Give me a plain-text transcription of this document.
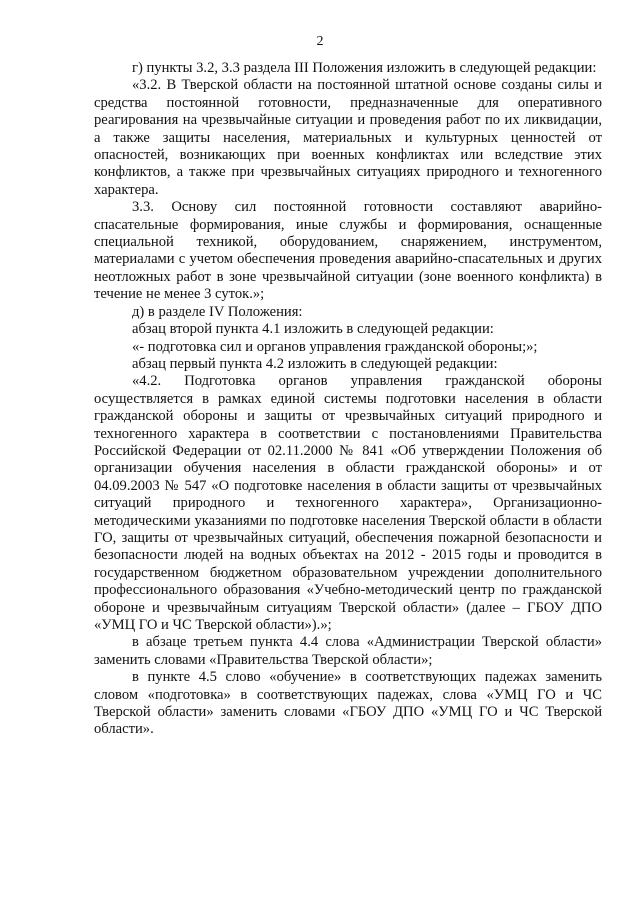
2

г) пункты 3.2, 3.3 раздела III Положения изложить в следующей редакции:

«3.2. В Тверской области на постоянной штатной основе созданы силы и средства постоянной готовности, предназначенные для оперативного реагирования на чрезвычайные ситуации и проведения работ по их ликвидации, а также защиты населения, материальных и культурных ценностей от опасностей, возникающих при военных конфликтах или вследствие этих конфликтов, а также при чрезвычайных ситуациях природного и техногенного характера.

3.3. Основу сил постоянной готовности составляют аварийно-спасательные формирования, иные службы и формирования, оснащенные специальной техникой, оборудованием, снаряжением, инструментом, материалами с учетом обеспечения проведения аварийно-спасательных и других неотложных работ в зоне чрезвычайной ситуации (зоне военного конфликта) в течение не менее 3 суток.»;

д) в разделе IV Положения:

абзац второй пункта 4.1 изложить в следующей редакции:

«- подготовка сил и органов управления гражданской обороны;»;

абзац первый пункта 4.2 изложить в следующей редакции:

«4.2. Подготовка органов управления гражданской обороны осуществляется в рамках единой системы подготовки населения в области гражданской обороны и защиты от чрезвычайных ситуаций природного и техногенного характера в соответствии с постановлениями Правительства Российской Федерации от 02.11.2000 № 841 «Об утверждении Положения об организации обучения населения в области гражданской обороны» и от 04.09.2003 № 547 «О подготовке населения в области защиты от чрезвычайных ситуаций природного и техногенного характера», Организационно-методическими указаниями по подготовке населения Тверской области в области ГО, защиты от чрезвычайных ситуаций, обеспечения пожарной безопасности и безопасности людей на водных объектах на 2012 - 2015 годы и проводится в государственном бюджетном образовательном учреждении дополнительного профессионального образования «Учебно-методический центр по гражданской обороне и чрезвычайным ситуациям Тверской области» (далее – ГБОУ ДПО «УМЦ ГО и ЧС Тверской области»).»;

в абзаце третьем пункта 4.4 слова «Администрации Тверской области» заменить словами «Правительства Тверской области»;

в пункте 4.5 слово «обучение» в соответствующих падежах заменить словом «подготовка» в соответствующих падежах, слова «УМЦ ГО и ЧС Тверской области» заменить словами «ГБОУ ДПО «УМЦ ГО и ЧС Тверской области».
